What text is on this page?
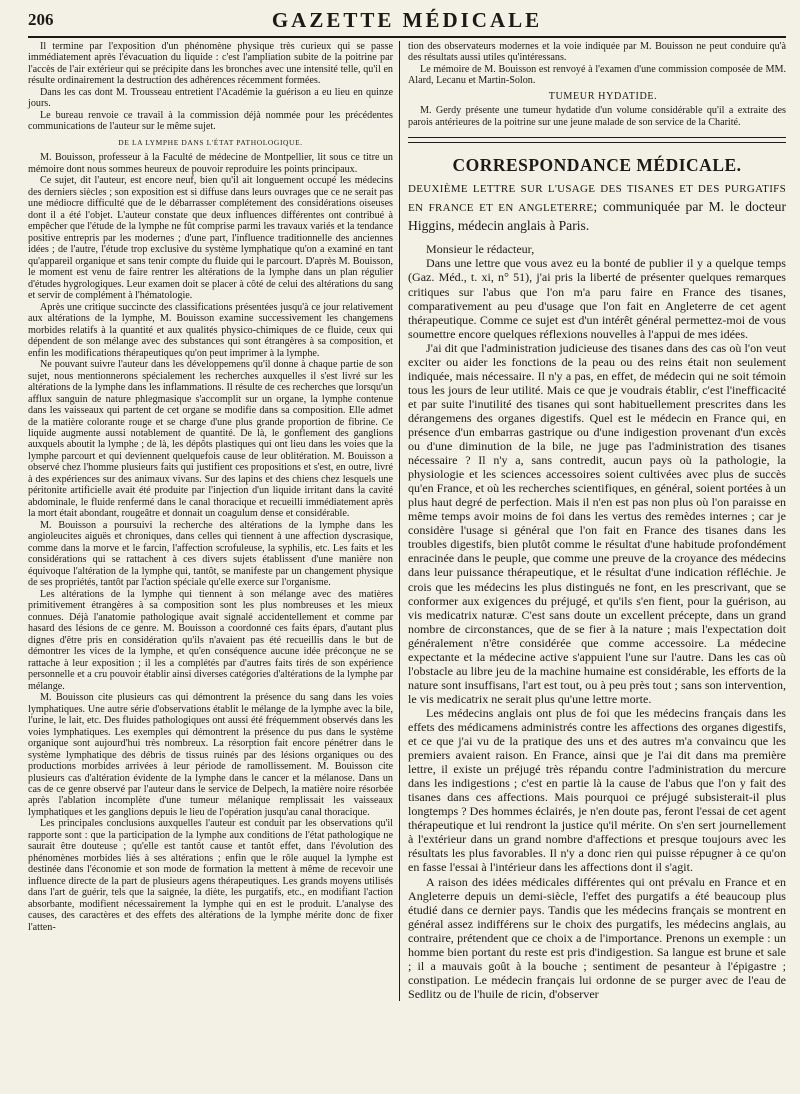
206	GAZETTE MÉDICALE

Il termine par l'exposition d'un phénomène physique très curieux qui se passe immédiatement après l'évacuation du liquide : c'est l'ampliation subite de la poitrine par l'accès de l'air extérieur qui se précipite dans les bronches avec une intensité telle, qu'il en résulte ordinairement la destruction des adhérences récemment formées.

Dans les cas dont M. Trousseau entretient l'Académie la guérison a eu lieu en quinze jours.

Le bureau renvoie ce travail à la commission déjà nommée pour les précédentes communications de l'auteur sur le même sujet.

DE LA LYMPHE DANS L'ÉTAT PATHOLOGIQUE.

M. Bouisson, professeur à la Faculté de médecine de Montpellier, lit sous ce titre un mémoire dont nous sommes heureux de pouvoir reproduire les points principaux.

Ce sujet, dit l'auteur, est encore neuf, bien qu'il ait longuement occupé les médecins des derniers siècles ; son exposition est si diffuse dans leurs ouvrages que ce ne serait pas une médiocre difficulté que de le débarrasser complétement des considérations oiseuses dont il a été l'objet. L'auteur constate que deux influences différentes ont contribué à empêcher que l'étude de la lymphe ne fût comprise parmi les travaux variés et la tendance positive entrepris par les modernes ; d'une part, l'influence traditionnelle des anciennes idées ; de l'autre, l'étude trop exclusive du système lymphatique qu'on a examiné en tant qu'appareil organique et sans tenir compte du fluide qui le parcourt. D'après M. Bouisson, le moment est venu de faire rentrer les altérations de la lymphe dans un plan régulier d'études hygrologiques. Leur examen doit se placer à côté de celui des altérations du sang et servir de complément à l'hématologie.

Après une critique succincte des classifications présentées jusqu'à ce jour relativement aux altérations de la lymphe, M. Bouisson examine successivement les changemens morbides relatifs à la quantité et aux qualités physico-chimiques de ce fluide, ceux qui dépendent de son mélange avec des substances qui sont étrangères à sa composition, et enfin les modifications thérapeutiques qu'on peut imprimer à la lymphe.

Ne pouvant suivre l'auteur dans les développemens qu'il donne à chaque partie de son sujet, nous mentionnerons spécialement les recherches auxquelles il s'est livré sur les altérations de la lymphe dans les inflammations. Il résulte de ces recherches que lorsqu'un afflux sanguin de nature phlegmasique s'accomplit sur un organe, la lymphe contenue dans les vaisseaux qui partent de cet organe se modifie dans sa composition. Elle admet de la matière colorante rouge et se charge d'une plus grande proportion de fibrine. Ce liquide augmente aussi notablement de quantité. De là, le gonflement des ganglions auxquels aboutit la lymphe ; de là, les dépôts plastiques qui ont lieu dans les voies que la lymphe parcourt et qui deviennent quelquefois cause de leur oblitération. M. Bouisson a observé chez l'homme plusieurs faits qui justifient ces propositions et s'est, en outre, livré à des expériences sur des animaux vivans. Sur des lapins et des chiens chez lesquels une péritonite artificielle avait été produite par l'injection d'un liquide irritant dans la cavité abdominale, le fluide renfermé dans le canal thoracique et recueilli immédiatement après la mort était abondant, rougeâtre et donnait un coagulum dense et considérable.

M. Bouisson a poursuivi la recherche des altérations de la lymphe dans les angioleucites aiguës et chroniques, dans celles qui tiennent à une affection dyscrasique, comme dans la morve et le farcin, l'affection scrofuleuse, la syphilis, etc. Les faits et les considérations qui se rattachent à ces divers sujets établissent d'une manière non équivoque l'altération de la lymphe qui, tantôt, se manifeste par un changement physique de ses propriétés, tantôt par l'action spéciale qu'elle exerce sur l'organisme.

Les altérations de la lymphe qui tiennent à son mélange avec des matières primitivement étrangères à sa composition sont les plus nombreuses et les mieux connues. Déjà l'anatomie pathologique avait signalé accidentellement et comme par hasard des lésions de ce genre. M. Bouisson a coordonné ces faits épars, d'autant plus dignes d'être pris en considération qu'ils n'avaient pas été recueillis dans le but de démontrer les vices de la lymphe, et qu'en conséquence aucune idée préconçue ne se rattache à leur exposition ; il les a complétés par d'autres faits tirés de son expérience personnelle et a cru pouvoir établir ainsi diverses catégories d'altérations de la lymphe par mélange.

M. Bouisson cite plusieurs cas qui démontrent la présence du sang dans les voies lymphatiques. Une autre série d'observations établit le mélange de la lymphe avec la bile, l'urine, le lait, etc. Des fluides pathologiques ont aussi été fréquemment observés dans les voies lymphatiques. Les exemples qui démontrent la présence du pus dans le système organique sont aujourd'hui très nombreux. La résorption fait encore pénétrer dans le système lymphatique des débris de tissus ruinés par des lésions organiques ou des productions morbides arrivées à leur période de ramollissement. M. Bouisson cite plusieurs cas d'altération évidente de la lymphe dans le cancer et la mélanose. Dans un cas de ce genre observé par l'auteur dans le service de Delpech, la matière noire résorbée après l'ablation incomplète d'une tumeur mélanique remplissait les vaisseaux lymphatiques et les ganglions depuis le lieu de l'opération jusqu'au canal thoracique.

Les principales conclusions auxquelles l'auteur est conduit par les observations qu'il rapporte sont : que la participation de la lymphe aux conditions de l'état pathologique ne saurait être douteuse ; qu'elle est tantôt cause et tantôt effet, dans l'évolution des phénomènes morbides liés à ses altérations ; enfin que le rôle auquel la lymphe est destinée dans l'économie et son mode de formation la mettent à même de recevoir une influence directe de la part de plusieurs agens thérapeutiques. Les grands moyens utilisés dans l'art de guérir, tels que la saignée, la diète, les purgatifs, etc., en modifiant l'action absorbante, modifient nécessairement la lymphe qui en est le produit. L'analyse des causes, des caractères et des effets des altérations de la lymphe mérite donc de fixer l'atten-

tion des observateurs modernes et la voie indiquée par M. Bouisson ne peut conduire qu'à des résultats aussi utiles qu'intéressans.

Le mémoire de M. Bouisson est renvoyé à l'examen d'une commission composée de MM. Alard, Lecanu et Martin-Solon.

TUMEUR HYDATIDE.

M. Gerdy présente une tumeur hydatide d'un volume considérable qu'il a extraite des parois antérieures de la poitrine sur une jeune malade de son service de la Charité.

CORRESPONDANCE MÉDICALE.

DEUXIÈME LETTRE SUR L'USAGE DES TISANES ET DES PURGATIFS EN FRANCE ET EN ANGLETERRE; communiquée par M. le docteur Higgins, médecin anglais à Paris.

Monsieur le rédacteur,

Dans une lettre que vous avez eu la bonté de publier il y a quelque temps (Gaz. Méd., t. xi, n° 51), j'ai pris la liberté de présenter quelques remarques critiques sur l'abus que l'on m'a paru faire en France des tisanes, comparativement au peu d'usage que l'on fait en Angleterre de cet agent thérapeutique. Comme ce sujet est d'un intérêt général permettez-moi de vous soumettre encore quelques réflexions nouvelles à l'appui de mes idées.

J'ai dit que l'administration judicieuse des tisanes dans des cas où l'on veut exciter ou aider les fonctions de la peau ou des reins était non seulement indiquée, mais nécessaire. Il n'y a pas, en effet, de médecin qui ne soit témoin tous les jours de leur utilité. Mais ce que je voudrais établir, c'est l'inefficacité et par suite l'inutilité des tisanes qui sont habituellement prescrites dans les dérangemens des organes digestifs. Quel est le médecin en France qui, en présence d'un embarras gastrique ou d'une indigestion provenant d'un excès ou d'une diminution de la bile, ne juge pas l'administration des tisanes nécessaire ? Il n'y a, sans contredit, aucun pays où la pathologie, la physiologie et les sciences accessoires soient cultivées avec plus de succès qu'en France, et où les recherches scientifiques, en général, soient portées à un plus haut degré de perfection. Mais il n'en est pas non plus où l'on paraisse en même temps avoir moins de foi dans les vertus des remèdes internes ; car je considère l'usage si général que l'on fait en France des tisanes dans les troubles digestifs, bien plutôt comme le résultat d'une habitude profondément enracinée dans le peuple, que comme une preuve de la croyance des médecins dans leur puissance thérapeutique, et le résultat d'une indication réfléchie. Je crois que les médecins les plus distingués ne font, en les prescrivant, que se conformer aux exigences du préjugé, et qu'ils s'en fient, pour la guérison, au vis medicatrix naturæ. C'est sans doute un excellent précepte, dans un grand nombre de circonstances, que de se fier à la nature ; mais l'expectation doit généralement n'être considérée que comme accessoire. La médecine expectante et la médecine active s'appuient l'une sur l'autre. Dans les cas où l'obstacle au libre jeu de la machine humaine est considérable, les efforts de la nature sont insuffisans, l'art est tout, ou à peu près tout ; sans son intervention, le vis medicatrix ne serait plus qu'une lettre morte.

Les médecins anglais ont plus de foi que les médecins français dans les effets des médicamens administrés contre les affections des organes digestifs, et ce que j'ai vu de la pratique des uns et des autres m'a convaincu que les premiers avaient raison. En France, ainsi que je l'ai dit dans ma première lettre, il existe un préjugé très répandu contre l'administration du mercure dans les indigestions ; c'est en partie là la cause de l'abus que l'on y fait des tisanes dans ces affections. Mais pourquoi ce préjugé subsisterait-il plus longtemps ? Des hommes éclairés, je n'en doute pas, feront l'essai de cet agent thérapeutique et lui rendront la justice qu'il mérite. On s'en sert journellement à l'extérieur dans un grand nombre d'affections et presque toujours avec les résultats les plus favorables. Il n'y a donc rien qui puisse répugner à ce qu'on en fasse l'essai à l'intérieur dans les affections dont il s'agit.

A raison des idées médicales différentes qui ont prévalu en France et en Angleterre depuis un demi-siècle, l'effet des purgatifs a été beaucoup plus étudié dans ce dernier pays. Tandis que les médecins français se montrent en général assez indifférens sur le choix des purgatifs, les médecins anglais, au contraire, prétendent que ce choix a de l'importance. Prenons un exemple : un homme bien portant du reste est pris d'indigestion. Sa langue est brune et sale ; il a mauvais goût à la bouche ; sentiment de pesanteur à l'épigastre ; constipation. Le médecin français lui ordonne de se purger avec de l'eau de Sedlitz ou de l'huile de ricin, d'observer
